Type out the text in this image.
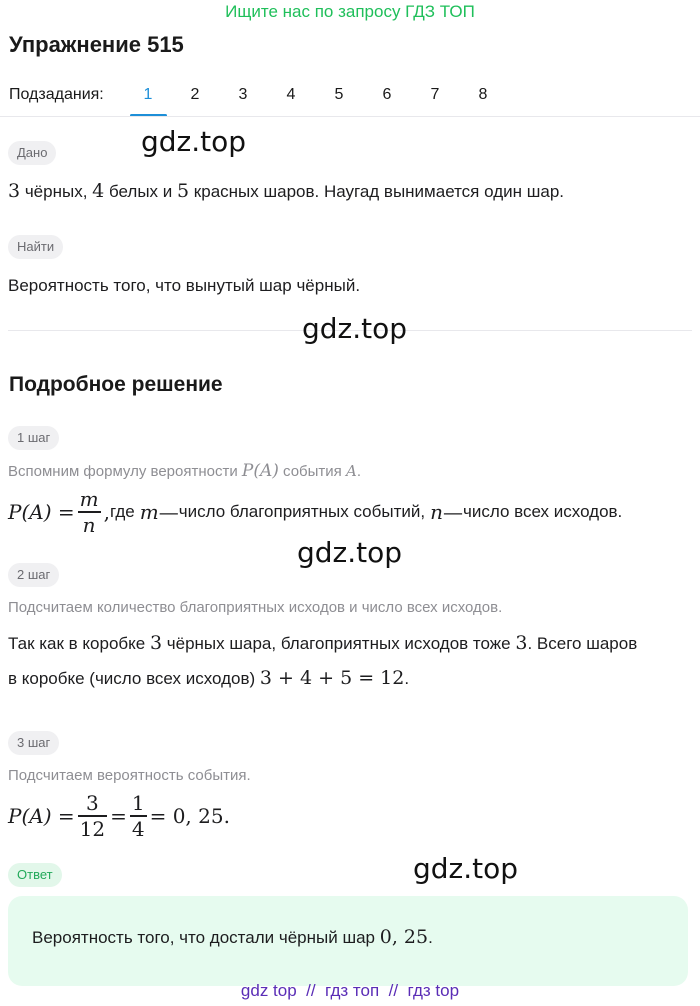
Ищите нас по запросу ГДЗ ТОП
Упражнение 515
Подзадания:	1	2	3	4	5	6	7	8
Дано	gdz.top
3 чёрных, 4 белых и 5 красных шаров. Наугад вынимается один шар.
Найти
Вероятность того, что вынутый шар чёрный.
gdz.top
Подробное решение
1 шаг
Вспомним формулу вероятности P(A) события A.
$P(A) = \frac{m}{n}$ , где m — число благоприятных событий, n — число всех исходов.
gdz.top
2 шаг
Подсчитаем количество благоприятных исходов и число всех исходов.
Так как в коробке 3 чёрных шара, благоприятных исходов тоже 3. Всего шаров
в коробке (число всех исходов) 3 + 4 + 5 = 12.
3 шаг
Подсчитаем вероятность события.
$P(A) = \frac{3}{12} = \frac{1}{4} = 0$, 25.
Ответ	gdz.top
Вероятность того, что достали чёрный шар 0, 25.
gdz top // гдз топ // гдз top
